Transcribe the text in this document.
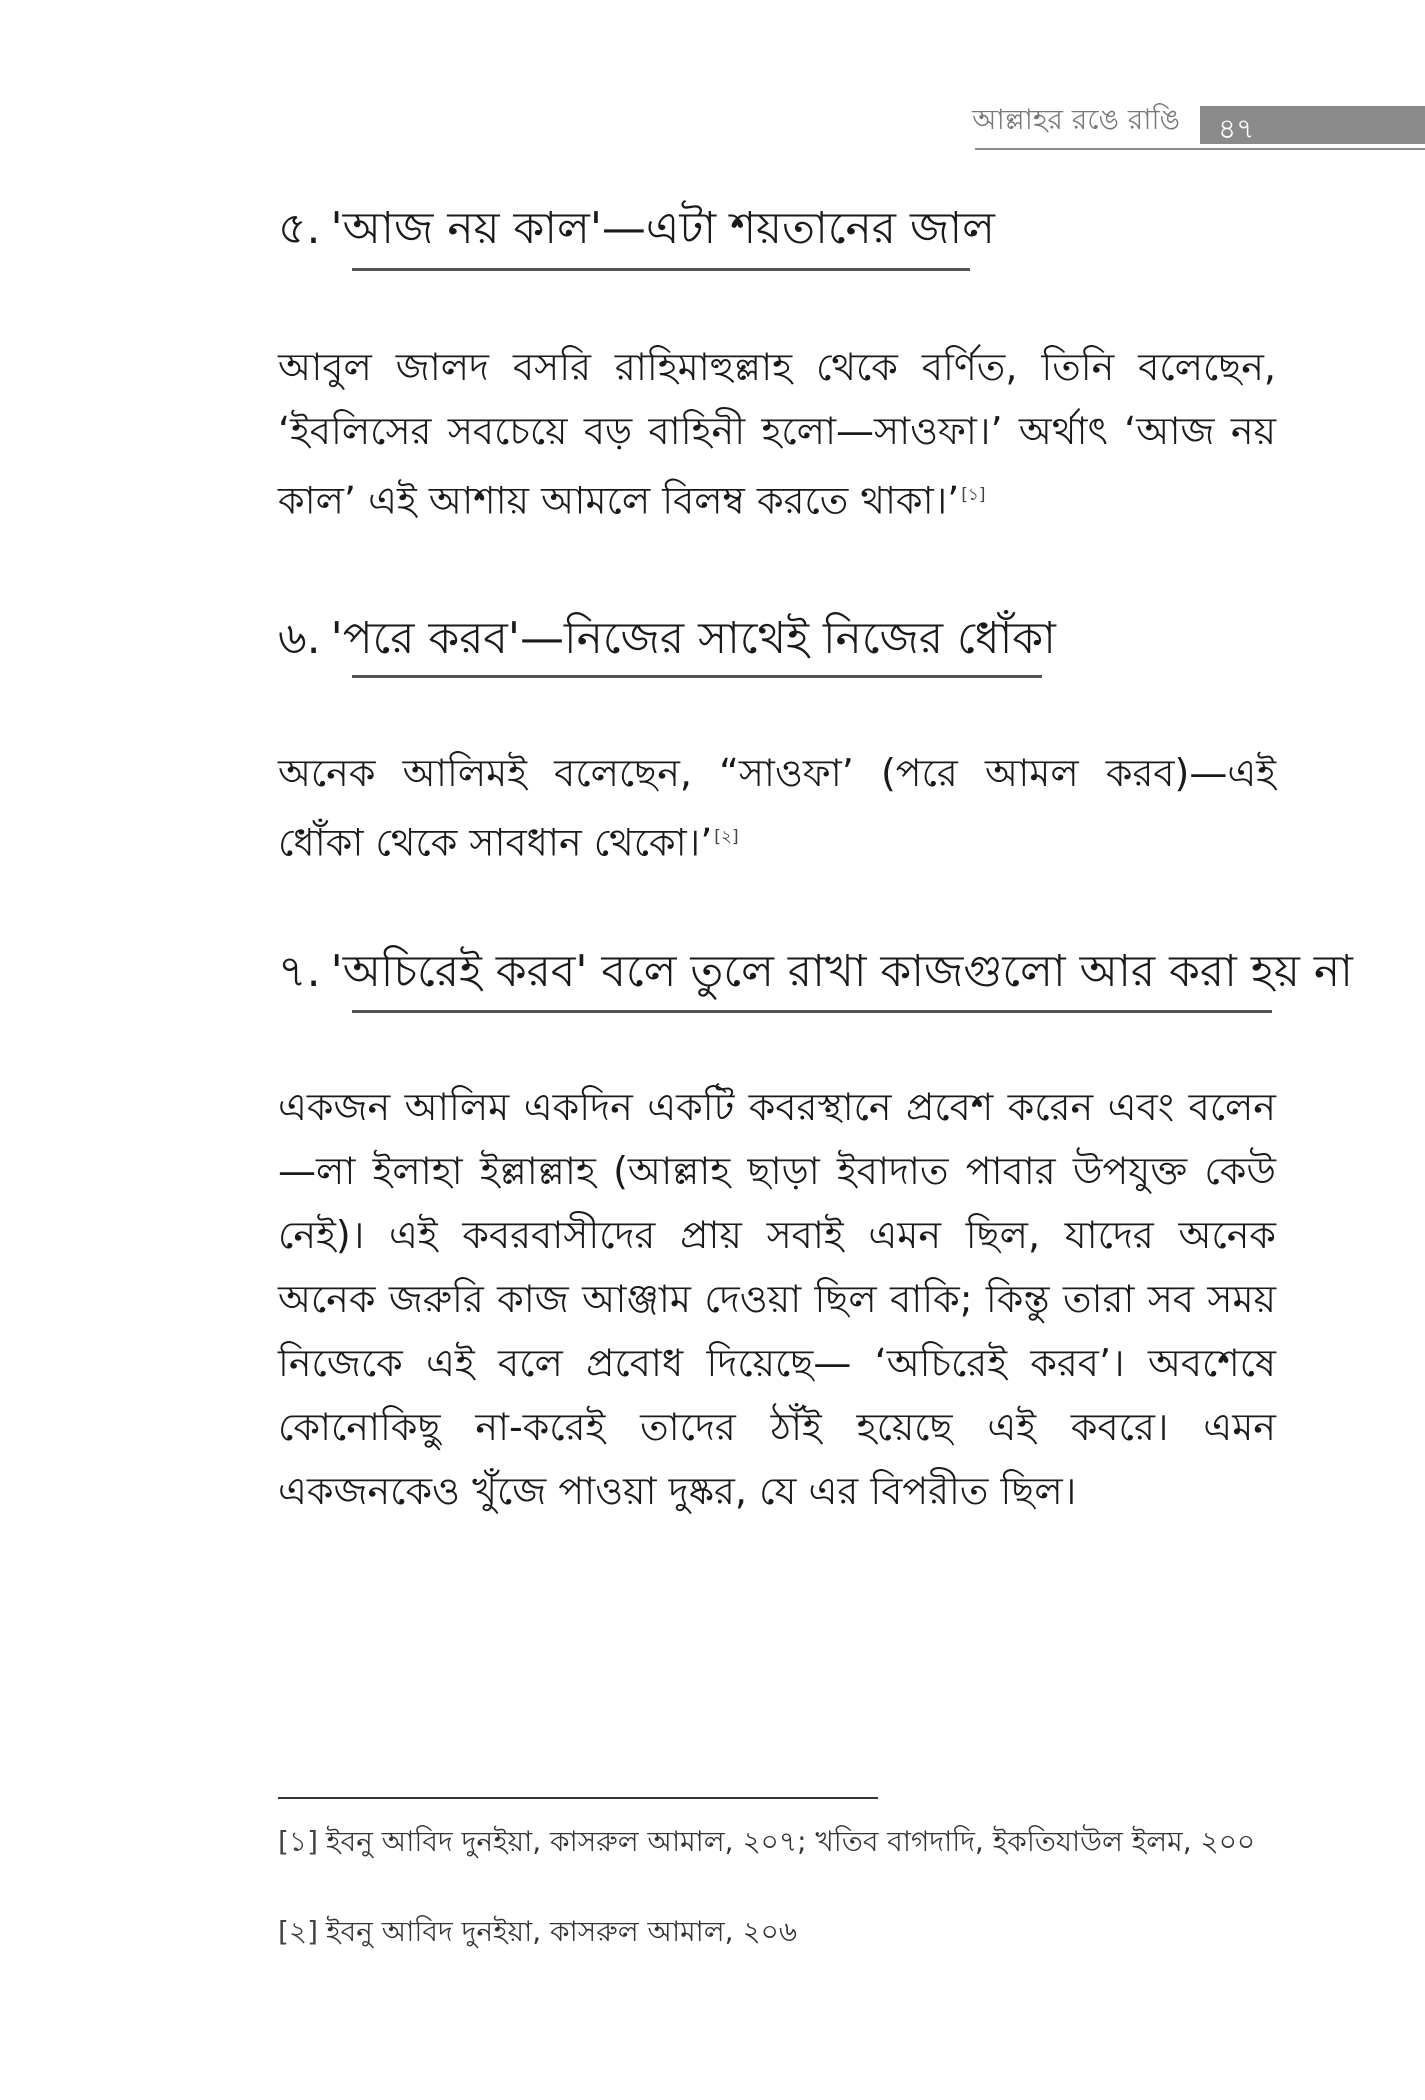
আল্লাহর রঙে রাঙি ৪৭
৫. 'আজ নয় কাল'—এটা শয়তানের জাল

আবুল জালদ বসরি রাহিমাহুল্লাহ থেকে বর্ণিত, তিনি বলেছেন, ‘ইবলিসের সবচেয়ে বড় বাহিনী হলো—সাওফা।’ অর্থাৎ ‘আজ নয় কাল’ এই আশায় আমলে বিলম্ব করতে থাকা।’ [১]

৬. 'পরে করব'—নিজের সাথেই নিজের ধোঁকা

অনেক আলিমই বলেছেন, “সাওফা’ (পরে আমল করব)—এই ধোঁকা থেকে সাবধান থেকো।’ [২]

৭. 'অচিরেই করব' বলে তুলে রাখা কাজগুলো আর করা হয় না

একজন আলিম একদিন একটি কবরস্থানে প্রবেশ করেন এবং বলেন—লা ইলাহা ইল্লাল্লাহ (আল্লাহ ছাড়া ইবাদাত পাবার উপযুক্ত কেউ নেই)। এই কবরবাসীদের প্রায় সবাই এমন ছিল, যাদের অনেক অনেক জরুরি কাজ আঞ্জাম দেওয়া ছিল বাকি; কিন্তু তারা সব সময় নিজেকে এই বলে প্রবোধ দিয়েছে— ‘অচিরেই করব’। অবশেষে কোনোকিছু না-করেই তাদের ঠাঁই হয়েছে এই কবরে। এমন একজনকেও খুঁজে পাওয়া দুষ্কর, যে এর বিপরীত ছিল।

[১] ইবনু আবিদ দুনইয়া, কাসরুল আমাল, ২০৭; খতিব বাগদাদি, ইকতিযাউল ইলম, ২০০
[২] ইবনু আবিদ দুনইয়া, কাসরুল আমাল, ২০৬
